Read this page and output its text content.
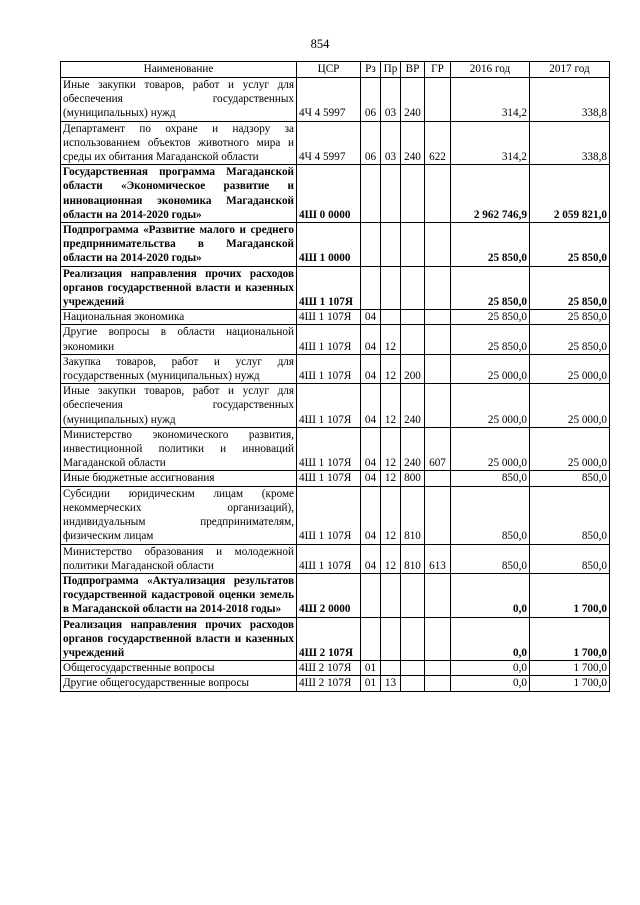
854
Наименование	ЦСР	Рз	Пр	ВР	ГР	2016 год	2017 год
Иные закупки товаров, работ и услуг для обеспечения государственных (муниципальных) нужд	4Ч 4 5997	06	03	240		314,2	338,8
Департамент по охране и надзору за использованием объектов животного мира и среды их обитания Магаданской области	4Ч 4 5997	06	03	240	622	314,2	338,8
Государственная программа Магаданской области «Экономическое развитие и инновационная экономика Магаданской области на 2014-2020 годы»	4Ш 0 0000					2 962 746,9	2 059 821,0
Подпрограмма «Развитие малого и среднего предпринимательства в Магаданской области на 2014-2020 годы»	4Ш 1 0000					25 850,0	25 850,0
Реализация направления прочих расходов органов государственной власти и казенных учреждений	4Ш 1 107Я					25 850,0	25 850,0
Национальная экономика	4Ш 1 107Я	04				25 850,0	25 850,0
Другие вопросы в области национальной экономики	4Ш 1 107Я	04	12			25 850,0	25 850,0
Закупка товаров, работ и услуг для государственных (муниципальных) нужд	4Ш 1 107Я	04	12	200		25 000,0	25 000,0
Иные закупки товаров, работ и услуг для обеспечения государственных (муниципальных) нужд	4Ш 1 107Я	04	12	240		25 000,0	25 000,0
Министерство экономического развития, инвестиционной политики и инноваций Магаданской области	4Ш 1 107Я	04	12	240	607	25 000,0	25 000,0
Иные бюджетные ассигнования	4Ш 1 107Я	04	12	800		850,0	850,0
Субсидии юридическим лицам (кроме некоммерческих организаций), индивидуальным предпринимателям, физическим лицам	4Ш 1 107Я	04	12	810		850,0	850,0
Министерство образования и молодежной политики Магаданской области	4Ш 1 107Я	04	12	810	613	850,0	850,0
Подпрограмма «Актуализация результатов государственной кадастровой оценки земель в Магаданской области на 2014-2018 годы»	4Ш 2 0000					0,0	1 700,0
Реализация направления прочих расходов органов государственной власти и казенных учреждений	4Ш 2 107Я					0,0	1 700,0
Общегосударственные вопросы	4Ш 2 107Я	01				0,0	1 700,0
Другие общегосударственные вопросы	4Ш 2 107Я	01	13			0,0	1 700,0
